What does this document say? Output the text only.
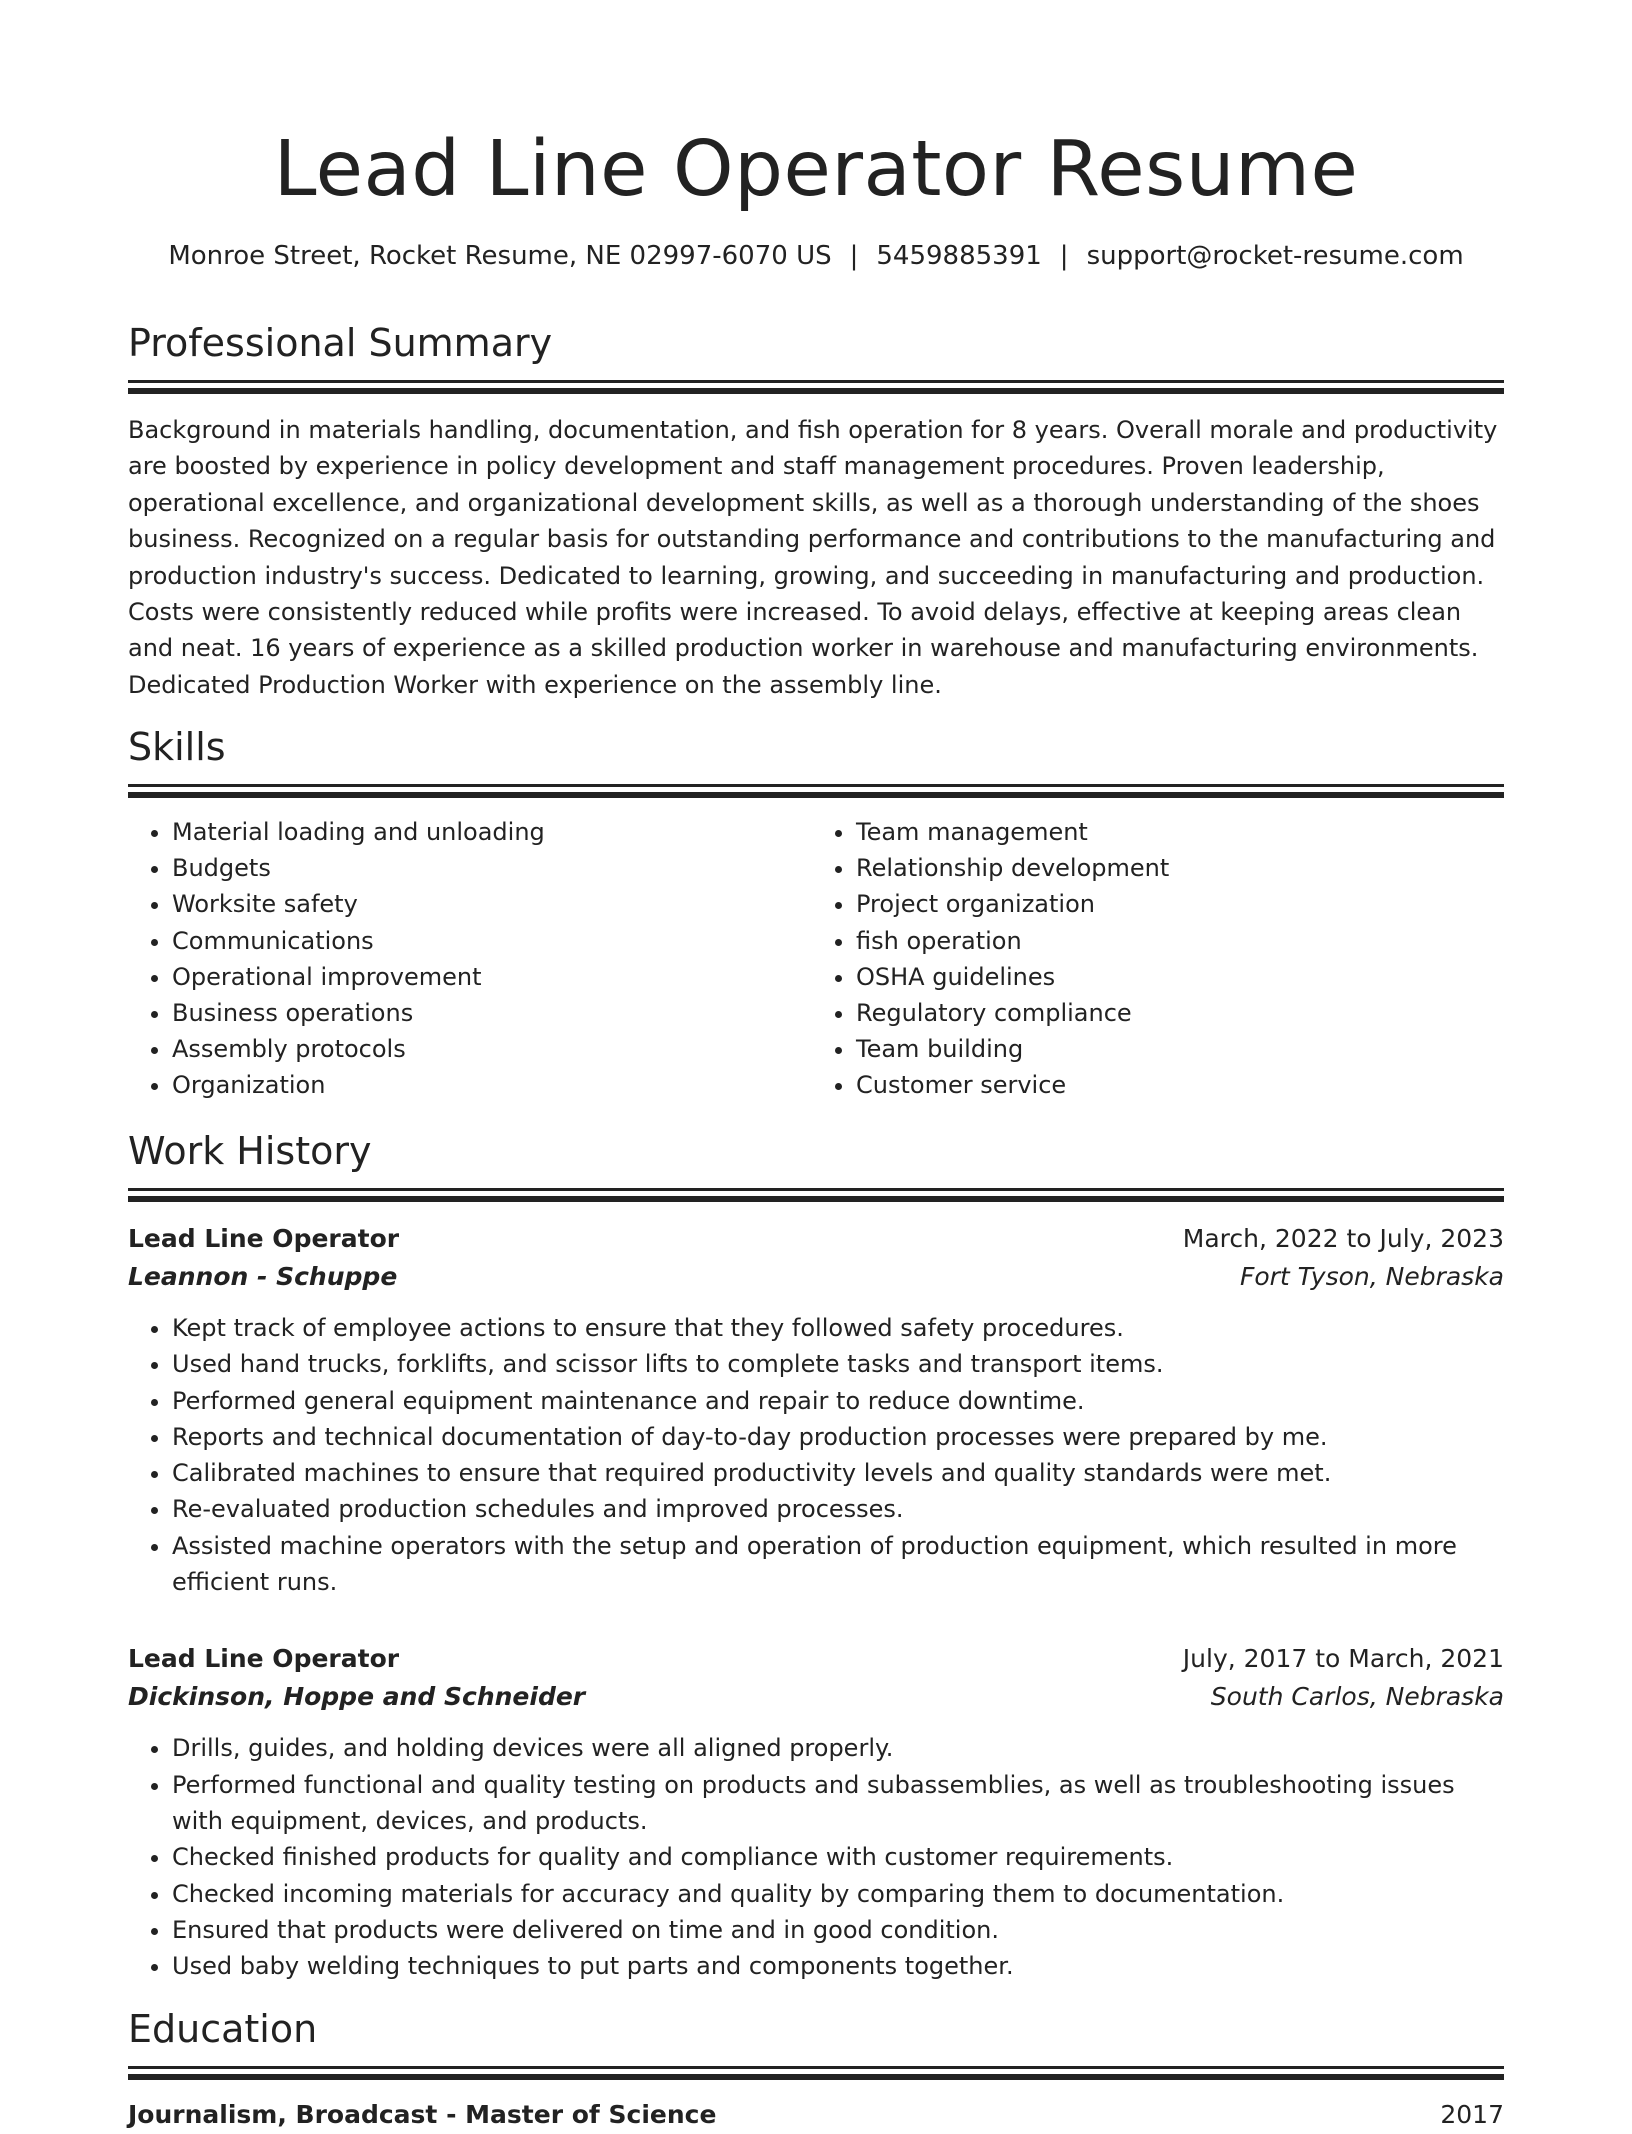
Lead Line Operator Resume
Monroe Street, Rocket Resume, NE 02997-6070 US | 5459885391 | support@rocket-resume.com
Professional Summary

Background in materials handling, documentation, and fish operation for 8 years. Overall morale and productivity are boosted by experience in policy development and staff management procedures. Proven leadership, operational excellence, and organizational development skills, as well as a thorough understanding of the shoes business. Recognized on a regular basis for outstanding performance and contributions to the manufacturing and production industry's success. Dedicated to learning, growing, and succeeding in manufacturing and production. Costs were consistently reduced while profits were increased. To avoid delays, effective at keeping areas clean and neat. 16 years of experience as a skilled production worker in warehouse and manufacturing environments. Dedicated Production Worker with experience on the assembly line.

Skills
• Material loading and unloading
• Budgets
• Worksite safety
• Communications
• Operational improvement
• Business operations
• Assembly protocols
• Organization
• Team management
• Relationship development
• Project organization
• fish operation
• OSHA guidelines
• Regulatory compliance
• Team building
• Customer service
Work History
Lead Line Operator	March, 2022 to July, 2023
Leannon - Schuppe	Fort Tyson, Nebraska
• Kept track of employee actions to ensure that they followed safety procedures.
• Used hand trucks, forklifts, and scissor lifts to complete tasks and transport items.
• Performed general equipment maintenance and repair to reduce downtime.
• Reports and technical documentation of day-to-day production processes were prepared by me.
• Calibrated machines to ensure that required productivity levels and quality standards were met.
• Re-evaluated production schedules and improved processes.
• Assisted machine operators with the setup and operation of production equipment, which resulted in more efficient runs.
Lead Line Operator	July, 2017 to March, 2021
Dickinson, Hoppe and Schneider	South Carlos, Nebraska
• Drills, guides, and holding devices were all aligned properly.
• Performed functional and quality testing on products and subassemblies, as well as troubleshooting issues with equipment, devices, and products.
• Checked finished products for quality and compliance with customer requirements.
• Checked incoming materials for accuracy and quality by comparing them to documentation.
• Ensured that products were delivered on time and in good condition.
• Used baby welding techniques to put parts and components together.
Education
Journalism, Broadcast - Master of Science	2017
